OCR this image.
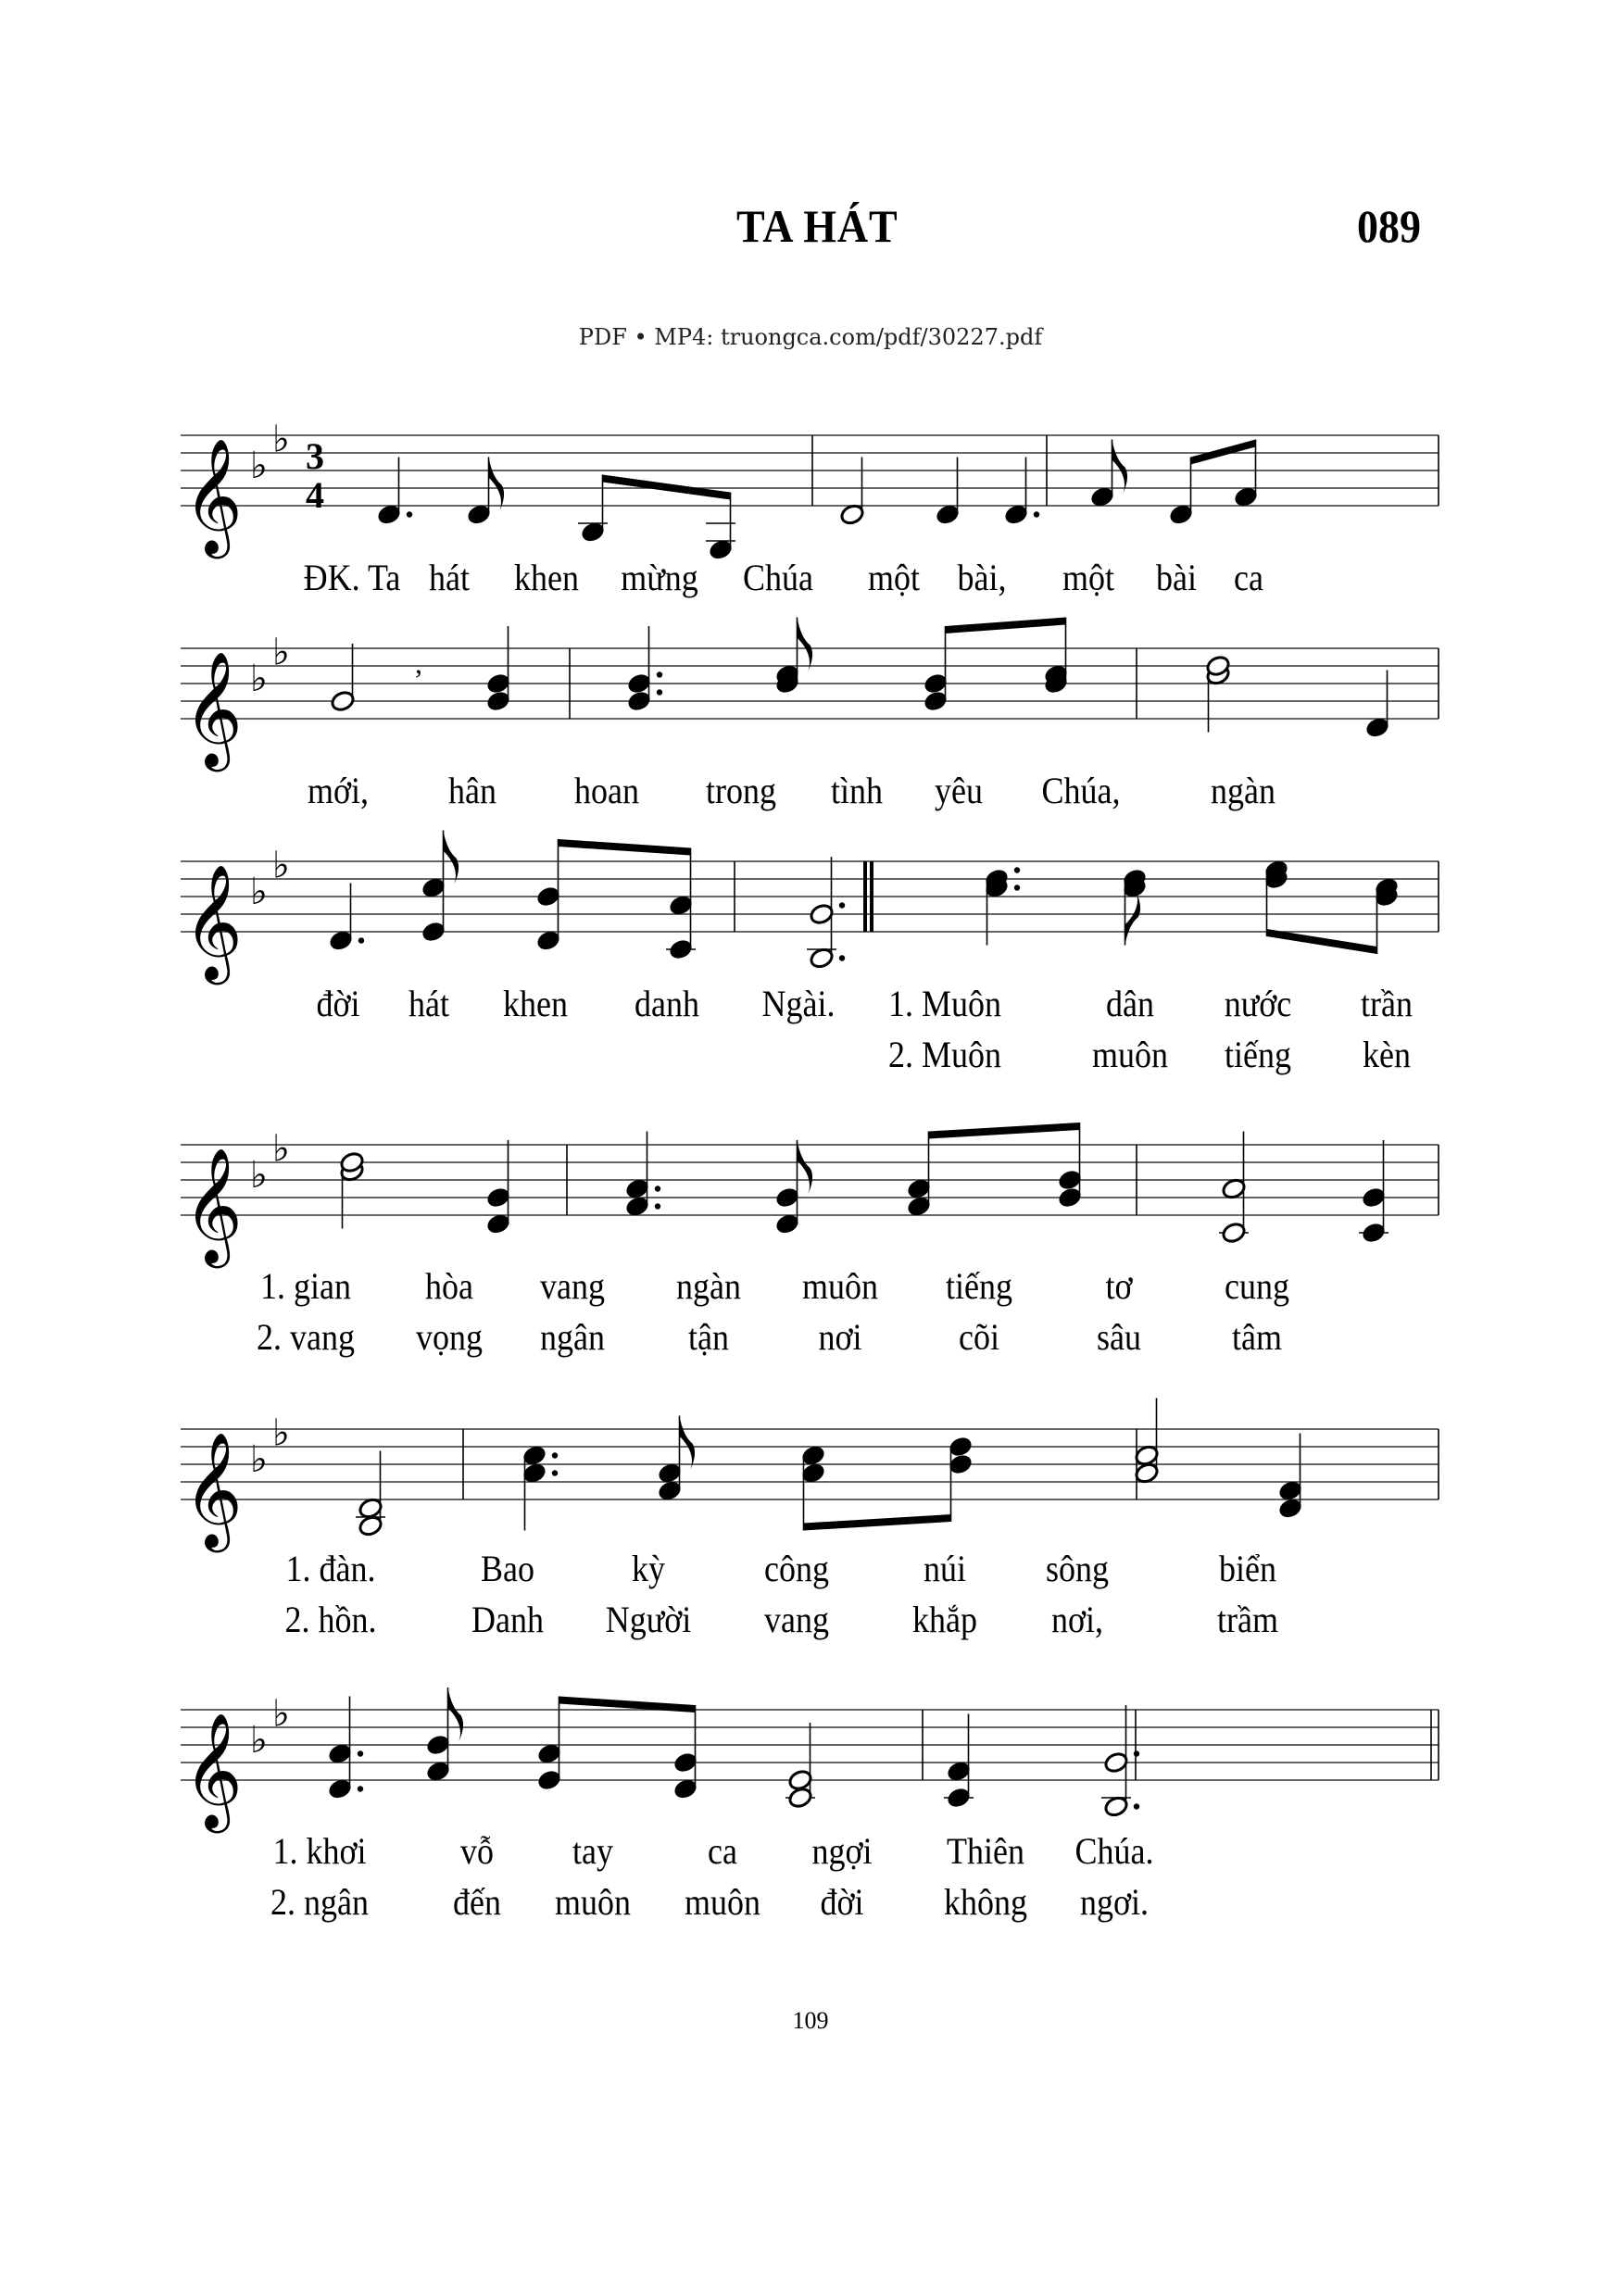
TA HÁT	089
PDF • MP4: truongca.com/pdf/30227.pdf
𝄞 ♭
♭ 3
4
𝄞 ♭
♭	,
𝄞 ♭
♭
𝄞 ♭
♭
𝄞 ♭
♭
𝄞 ♭
♭
ĐK. Ta hát khen mừng Chúa một bài, một bài ca
mới, hân hoan trong tình yêu Chúa, ngàn
đời hát khen danh Ngài. 1. Muôn
2. Muôn
dân
muôn
nước
tiếng
trần
kèn
1. gian
2. vang
hòa
vọng
vang
ngân
ngàn
tận
muôn
nơi
tiếng
cõi
tơ
sâu
cung
tâm
1. đàn.
2. hồn.
Bao
Danh
kỳ
Người
công
vang
núi
khắp
sông
nơi,
biển
trầm
1. khơi
2. ngân
vỗ
đến
tay
muôn
ca
muôn
ngợi
đời
Thiên
không
Chúa.
ngơi.
109
